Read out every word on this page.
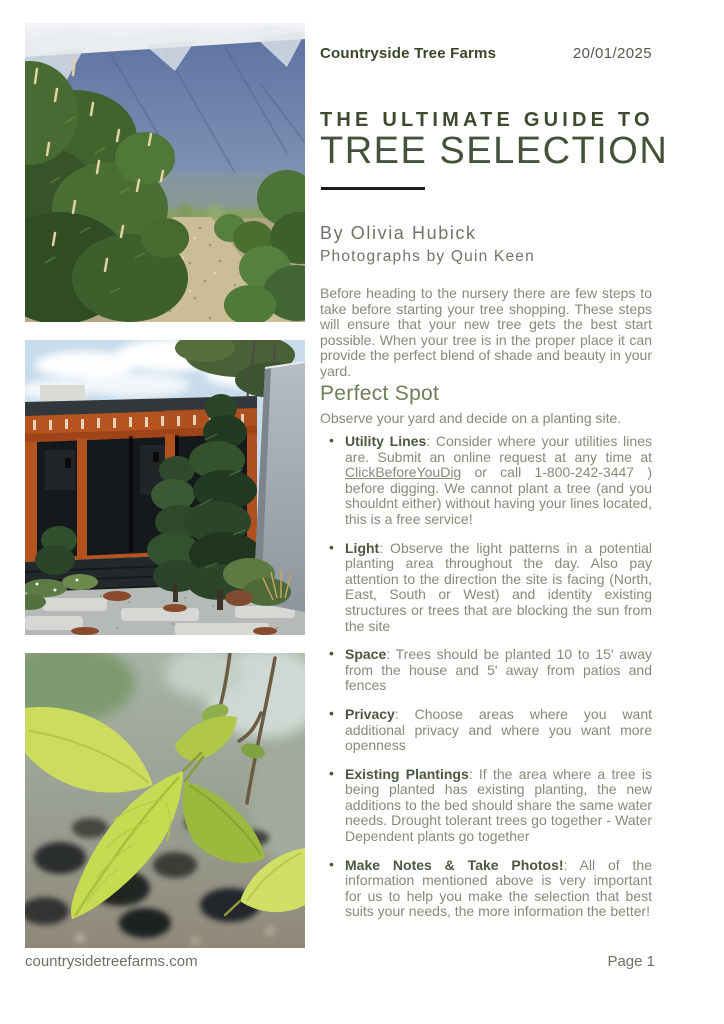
Countryside Tree Farms	20/01/2025
THE ULTIMATE GUIDE TO
TREE SELECTION
By Olivia Hubick
Photographs by Quin Keen

Before heading to the nursery there are few steps to take before starting your tree shopping. These steps will ensure that your new tree gets the best start possible. When your tree is in the proper place it can provide the perfect blend of shade and beauty in your yard.

Perfect Spot

Observe your yard and decide on a planting site.

• Utility Lines: Consider where your utilities lines are. Submit an online request at any time at ClickBeforeYouDig or call 1-800-242-3447 ) before digging. We cannot plant a tree (and you shouldnt either) without having your lines located, this is a free service!
• Light: Observe the light patterns in a potential planting area throughout the day. Also pay attention to the direction the site is facing (North, East, South or West) and identity existing structures or trees that are blocking the sun from the site
• Space: Trees should be planted 10 to 15' away from the house and 5' away from patios and fences
• Privacy: Choose areas where you want additional privacy and where you want more openness
• Existing Plantings: If the area where a tree is being planted has existing planting, the new additions to the bed should share the same water needs. Drought tolerant trees go together - Water Dependent plants go together
• Make Notes & Take Photos!: All of the information mentioned above is very important for us to help you make the selection that best suits your needs, the more information the better!
countrysidetreefarms.com	Page 1
